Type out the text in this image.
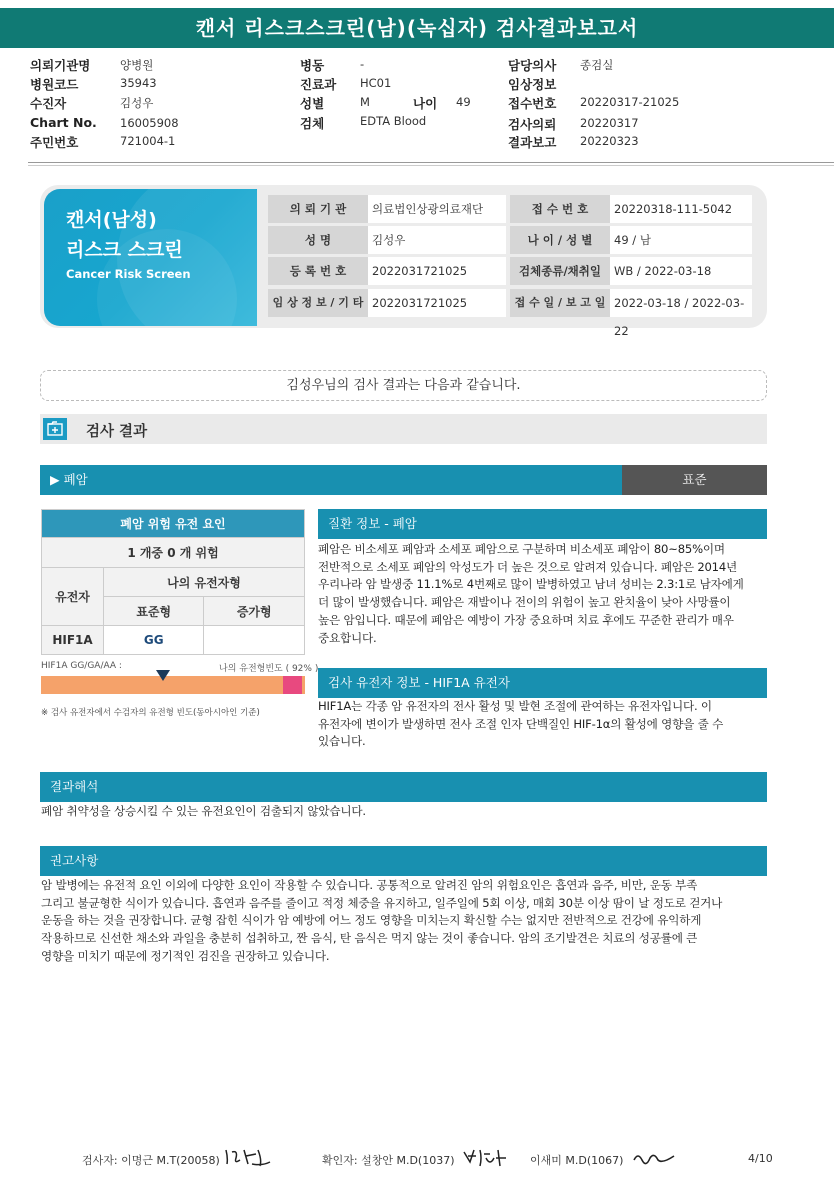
캔서 리스크스크린(남)(녹십자) 검사결과보고서
의뢰기관명	양병원
병원코드	35943
수진자	김성우
Chart No. 16005908
주민번호	721004-1
병동	-
진료과 HC01
성별	M	나이 49
검체	EDTA Blood
담당의사 종검실
임상정보
접수번호 20220317-21025
검사의뢰 20220317
결과보고 20220323
캔서(남성)
리스크 스크린
Cancer Risk Screen
의 뢰 기 관	의료법인상광의료재단	접 수 번 호	20220318-111-5042
성 명	김성우	나 이 / 성 별	49 / 남
등 록 번 호	2022031721025	검체종류/채취일	WB / 2022-03-18
임 상 정 보 / 기 타 2022031721025	접 수 일 / 보 고 일 2022-03-18 / 2022-03-22
김성우님의 검사 결과는 다음과 같습니다.
검사 결과
▶ 폐암	표준
폐암 위험 유전 요인		
1 개중 0 개 위험		
유전자	나의 유전자형	
	표준형	증가형
HIF1A	GG	
HIF1A GG/GA/AA :	나의 유전형빈도 ( 92% )
※ 검사 유전자에서 수검자의 유전형 빈도(동아시아인 기준)
질환 정보 - 폐암
폐암은 비소세포 폐암과 소세포 폐암으로 구분하며 비소세포 폐암이 80~85%이며
전반적으로 소세포 폐암의 악성도가 더 높은 것으로 알려져 있습니다. 폐암은 2014년
우리나라 암 발생중 11.1%로 4번째로 많이 발병하였고 남녀 성비는 2.3:1로 남자에게
더 많이 발생했습니다. 폐암은 재발이나 전이의 위험이 높고 완치율이 낮아 사망률이
높은 암입니다. 때문에 폐암은 예방이 가장 중요하며 치료 후에도 꾸준한 관리가 매우
중요합니다.
검사 유전자 정보 - HIF1A 유전자
HIF1A는 각종 암 유전자의 전사 활성 및 발현 조절에 관여하는 유전자입니다. 이
유전자에 변이가 발생하면 전사 조절 인자 단백질인 HIF-1α의 활성에 영향을 줄 수
있습니다.
결과해석
폐암 취약성을 상승시킬 수 있는 유전요인이 검출되지 않았습니다.
권고사항
암 발병에는 유전적 요인 이외에 다양한 요인이 작용할 수 있습니다. 공통적으로 알려진 암의 위험요인은 흡연과 음주, 비만, 운동 부족
그리고 불균형한 식이가 있습니다. 흡연과 음주를 줄이고 적정 체중을 유지하고, 일주일에 5회 이상, 매회 30분 이상 땀이 날 정도로 걷거나
운동을 하는 것을 권장합니다. 균형 잡힌 식이가 암 예방에 어느 정도 영향을 미치는지 확신할 수는 없지만 전반적으로 건강에 유익하게
작용하므로 신선한 채소와 과일을 충분히 섭취하고, 짠 음식, 탄 음식은 먹지 않는 것이 좋습니다. 암의 조기발견은 치료의 성공률에 큰
영향을 미치기 때문에 정기적인 검진을 권장하고 있습니다.
검사자: 이명근 M.T(20058)	확인자: 설창안 M.D(1037)	이새미 M.D(1067)	4/10
